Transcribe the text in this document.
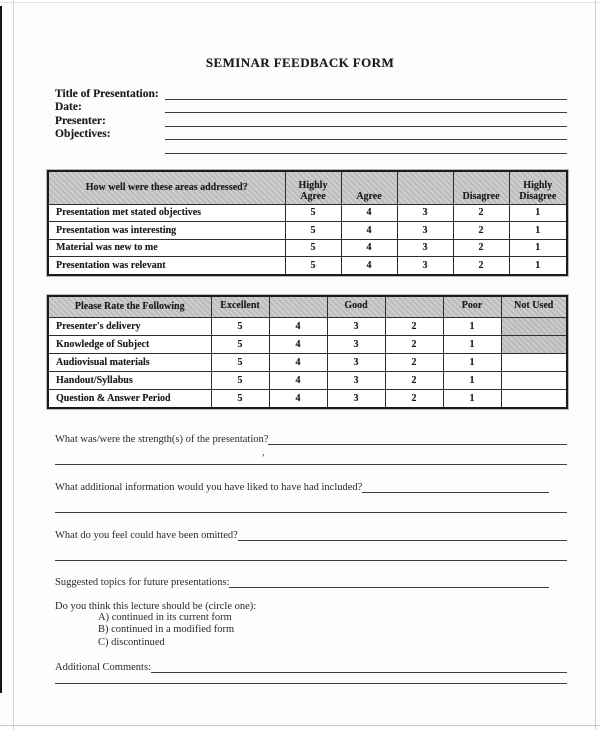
,
SEMINAR FEEDBACK FORM
Title of Presentation:
Date:
Presenter:
Objectives:
How well were these areas addressed?	Highly Agree	Agree		Disagree	Highly Disagree
Presentation met stated objectives	5	4	3	2	1
Presentation was interesting	5	4	3	2	1
Material was new to me	5	4	3	2	1
Presentation was relevant	5	4	3	2	1
Please Rate the Following	Excellent		Good		Poor	Not Used
Presenter's delivery	5	4	3	2	1	
Knowledge of Subject	5	4	3	2	1	
Audiovisual materials	5	4	3	2	1	
Handout/Syllabus	5	4	3	2	1	
Question & Answer Period	5	4	3	2	1	
What was/were the strength(s) of the presentation?
What additional information would you have liked to have had included?
What do you feel could have been omitted?
Suggested topics for future presentations:
Do you think this lecture should be (circle one):
A) continued in its current form
B) continued in a modified form
C) discontinued
Additional Comments:
